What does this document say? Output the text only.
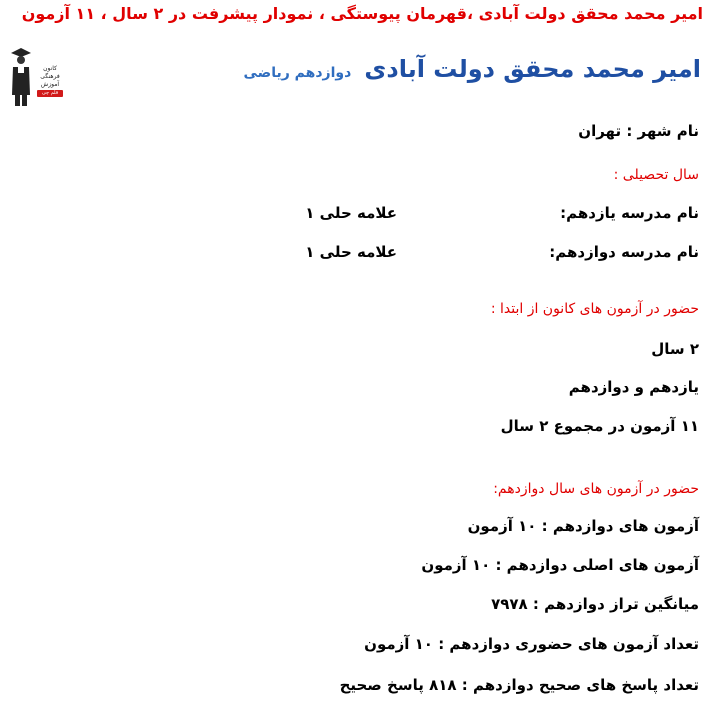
امیر محمد محقق دولت آبادی ،قهرمان پیوستگی ، نمودار پیشرفت در ۲ سال ، ۱۱ آزمون
کانون
فرهنگی
آموزش
قلم چی
امیر محمد محقق دولت آبادی دوازدهم ریاضی
نام شهر : تهران
سال تحصیلی :
نام مدرسه یازدهم:
علامه حلی ۱
نام مدرسه دوازدهم:
علامه حلی ۱
حضور در آزمون های کانون از ابتدا :
۲ سال
یازدهم و دوازدهم
۱۱ آزمون در مجموع ۲ سال
حضور در آزمون های سال دوازدهم:
آزمون های دوازدهم : ۱۰ آزمون
آزمون های اصلی دوازدهم : ۱۰ آزمون
میانگین تراز دوازدهم : ۷۹۷۸
تعداد آزمون های حضوری دوازدهم : ۱۰ آزمون
تعداد پاسخ های صحیح دوازدهم : ۸۱۸ پاسخ صحیح
